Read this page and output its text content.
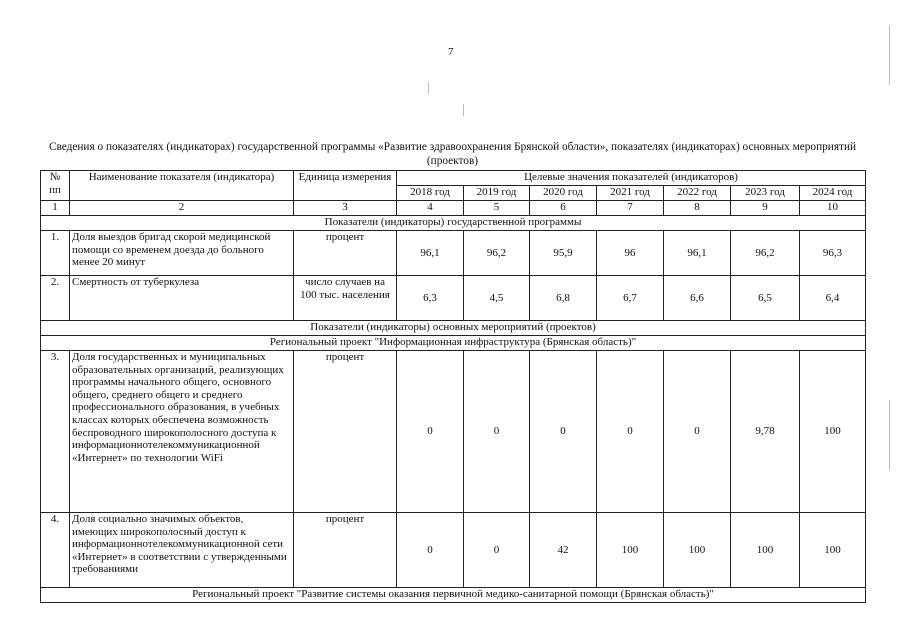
7
Сведения о показателях (индикаторах) государственной программы «Развитие здравоохранения Брянской области», показателях (индикаторах) основных мероприятий (проектов)
№ пп	Наименование показателя (индикатора)	Единица измерения	Целевые значения показателей (индикаторов)						
			2018 год	2019 год	2020 год	2021 год	2022 год	2023 год	2024 год
1	2	3	4	5	6	7	8	9	10
Показатели (индикаторы) государственной программы									
1.	Доля выездов бригад скорой медицинской помощи со временем доезда до больного менее 20 минут	процент	96,1	96,2	95,9	96	96,1	96,2	96,3
2.	Смертность от туберкулеза	число случаев на 100 тыс. населения	6,3	4,5	6,8	6,7	6,6	6,5	6,4
Показатели (индикаторы) основных мероприятий (проектов)									
Региональный проект "Информационная инфраструктура (Брянская область)"									
3.	Доля государственных и муниципальных образовательных организаций, реализующих программы начального общего, основного общего, среднего общего и среднего профессионального образования, в учебных классах которых обеспечена возможность беспроводного широкополосного доступа к информационнотелекоммуникационной «Интернет» по технологии WiFi	процент	0	0	0	0	0	9,78	100
4.	Доля социально значимых объектов, имеющих широкополосный доступ к информационнотелекоммуникационной сети «Интернет» в соответствии с утвержденными требованиями	процент	0	0	42	100	100	100	100
Региональный проект "Развитие системы оказания первичной медико-санитарной помощи (Брянская область)"									
